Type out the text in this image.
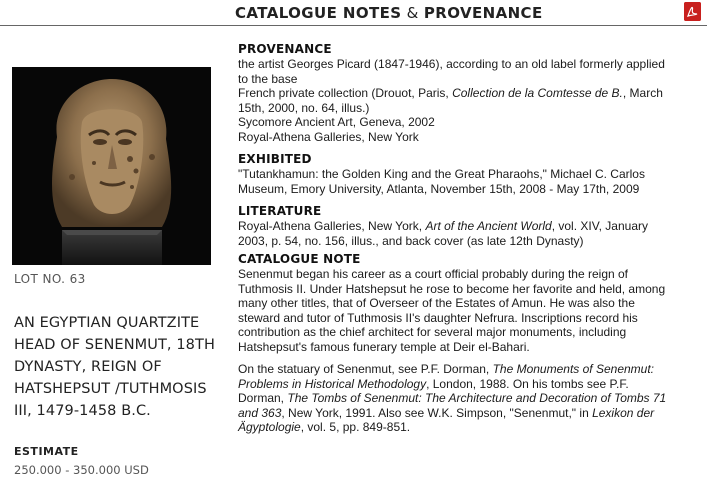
CATALOGUE NOTES & PROVENANCE
LOT NO. 63
AN EGYPTIAN QUARTZITE
HEAD OF SENENMUT, 18TH
DYNASTY, REIGN OF
HATSHEPSUT /TUTHMOSIS
III, 1479-1458 B.C.
ESTIMATE
250.000 - 350.000 USD
PROVENANCE
the artist Georges Picard (1847-1946), according to an old label formerly applied
to the base
French private collection (Drouot, Paris, Collection de la Comtesse de B., March
15th, 2000, no. 64, illus.)
Sycomore Ancient Art, Geneva, 2002
Royal-Athena Galleries, New York
EXHIBITED
"Tutankhamun: the Golden King and the Great Pharaohs," Michael C. Carlos
Museum, Emory University, Atlanta, November 15th, 2008 - May 17th, 2009
LITERATURE
Royal-Athena Galleries, New York, Art of the Ancient World, vol. XIV, January
2003, p. 54, no. 156, illus., and back cover (as late 12th Dynasty)
CATALOGUE NOTE
Senenmut began his career as a court official probably during the reign of
Tuthmosis II. Under Hatshepsut he rose to become her favorite and held, among
many other titles, that of Overseer of the Estates of Amun. He was also the
steward and tutor of Tuthmosis II's daughter Nefrura. Inscriptions record his
contribution as the chief architect for several major monuments, including
Hatshepsut's famous funerary temple at Deir el-Bahari.
On the statuary of Senenmut, see P.F. Dorman, The Monuments of Senenmut:
Problems in Historical Methodology, London, 1988. On his tombs see P.F.
Dorman, The Tombs of Senenmut: The Architecture and Decoration of Tombs 71
and 363, New York, 1991. Also see W.K. Simpson, "Senenmut," in Lexikon der
Ägyptologie, vol. 5, pp. 849-851.
